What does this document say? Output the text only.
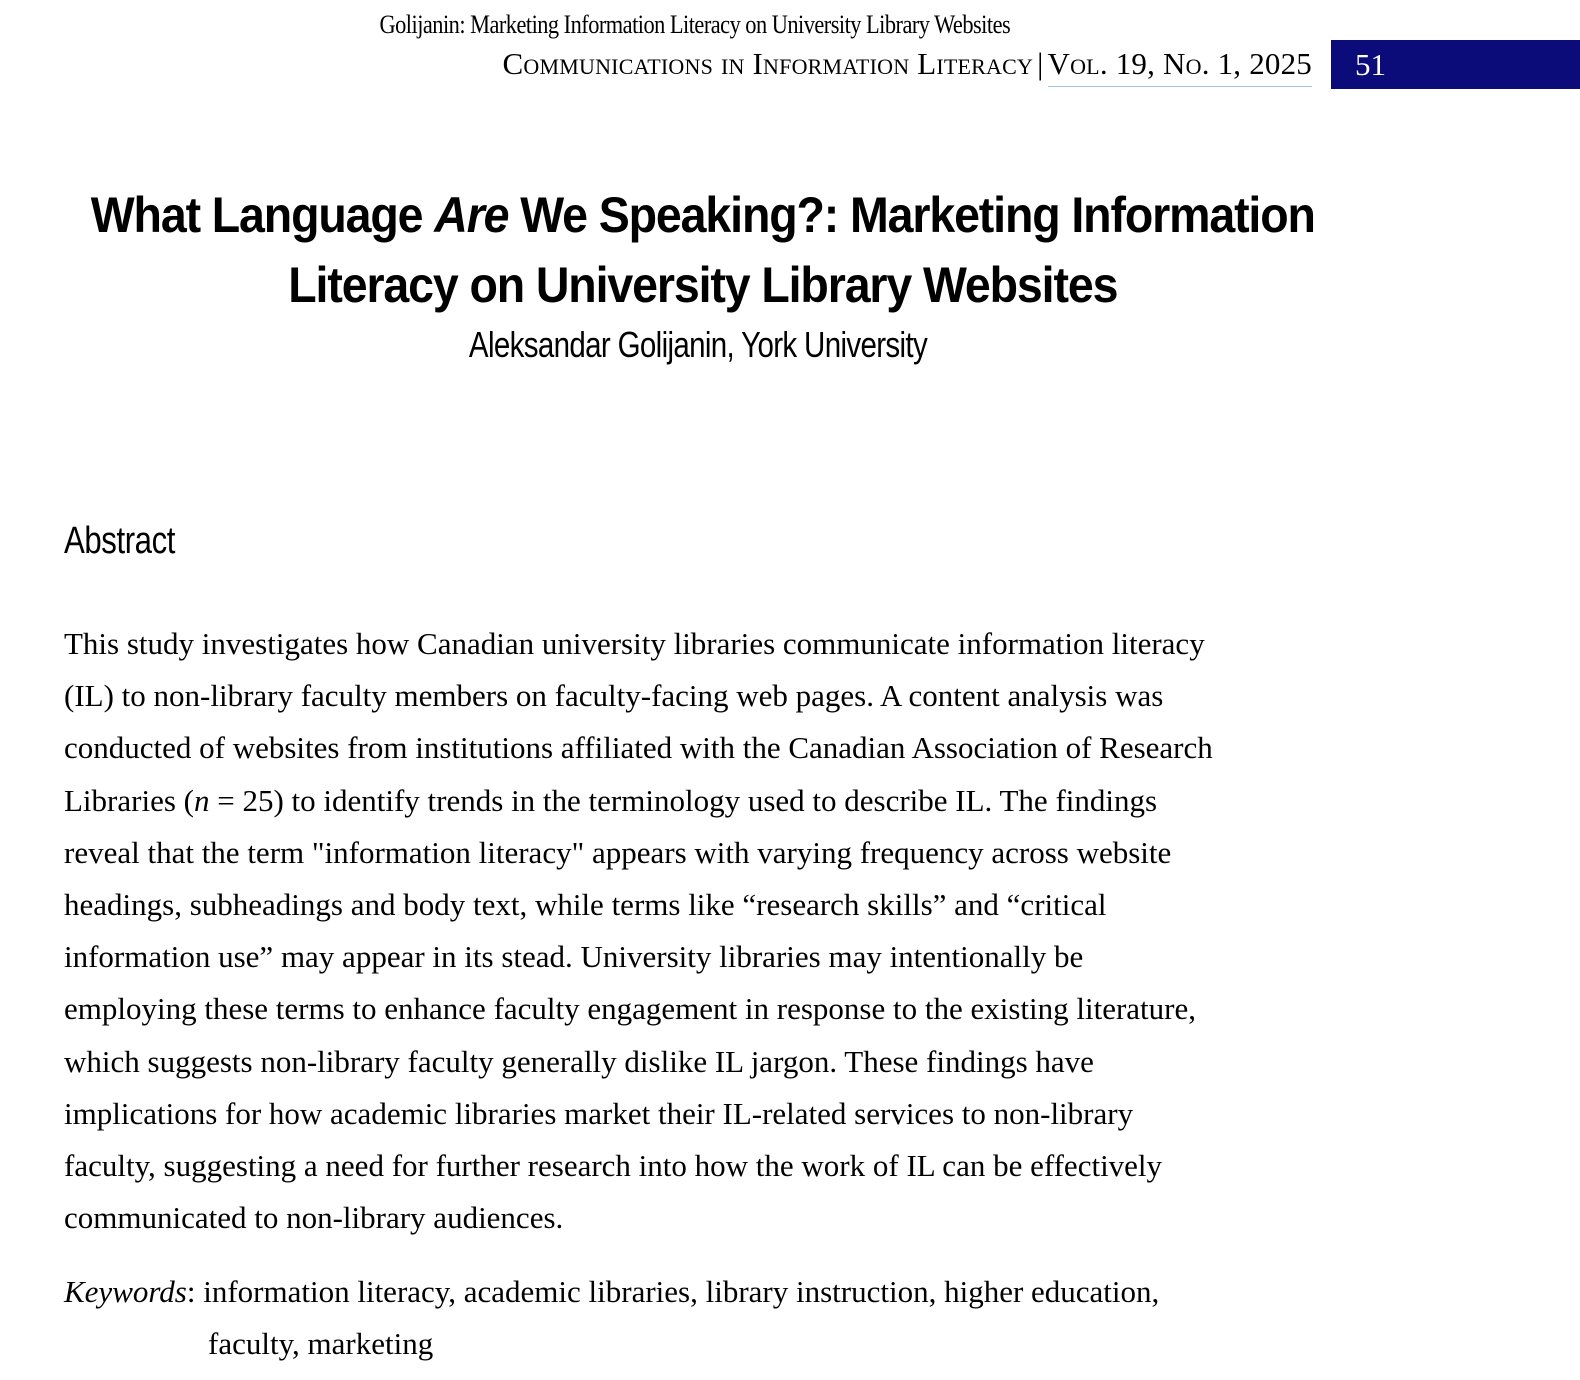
Golijanin: Marketing Information Literacy on University Library Websites
Communications in Information Literacy | Vol. 19, No. 1, 2025	51
What Language Are We Speaking?: Marketing Information
Literacy on University Library Websites
Aleksandar Golijanin, York University
Abstract
This study investigates how Canadian university libraries communicate information literacy
(IL) to non-library faculty members on faculty-facing web pages. A content analysis was
conducted of websites from institutions affiliated with the Canadian Association of Research
Libraries (n = 25) to identify trends in the terminology used to describe IL. The findings
reveal that the term "information literacy" appears with varying frequency across website
headings, subheadings and body text, while terms like “research skills” and “critical
information use” may appear in its stead. University libraries may intentionally be
employing these terms to enhance faculty engagement in response to the existing literature,
which suggests non-library faculty generally dislike IL jargon. These findings have
implications for how academic libraries market their IL-related services to non-library
faculty, suggesting a need for further research into how the work of IL can be effectively
communicated to non-library audiences.
Keywords: information literacy, academic libraries, library instruction, higher education,
faculty, marketing
